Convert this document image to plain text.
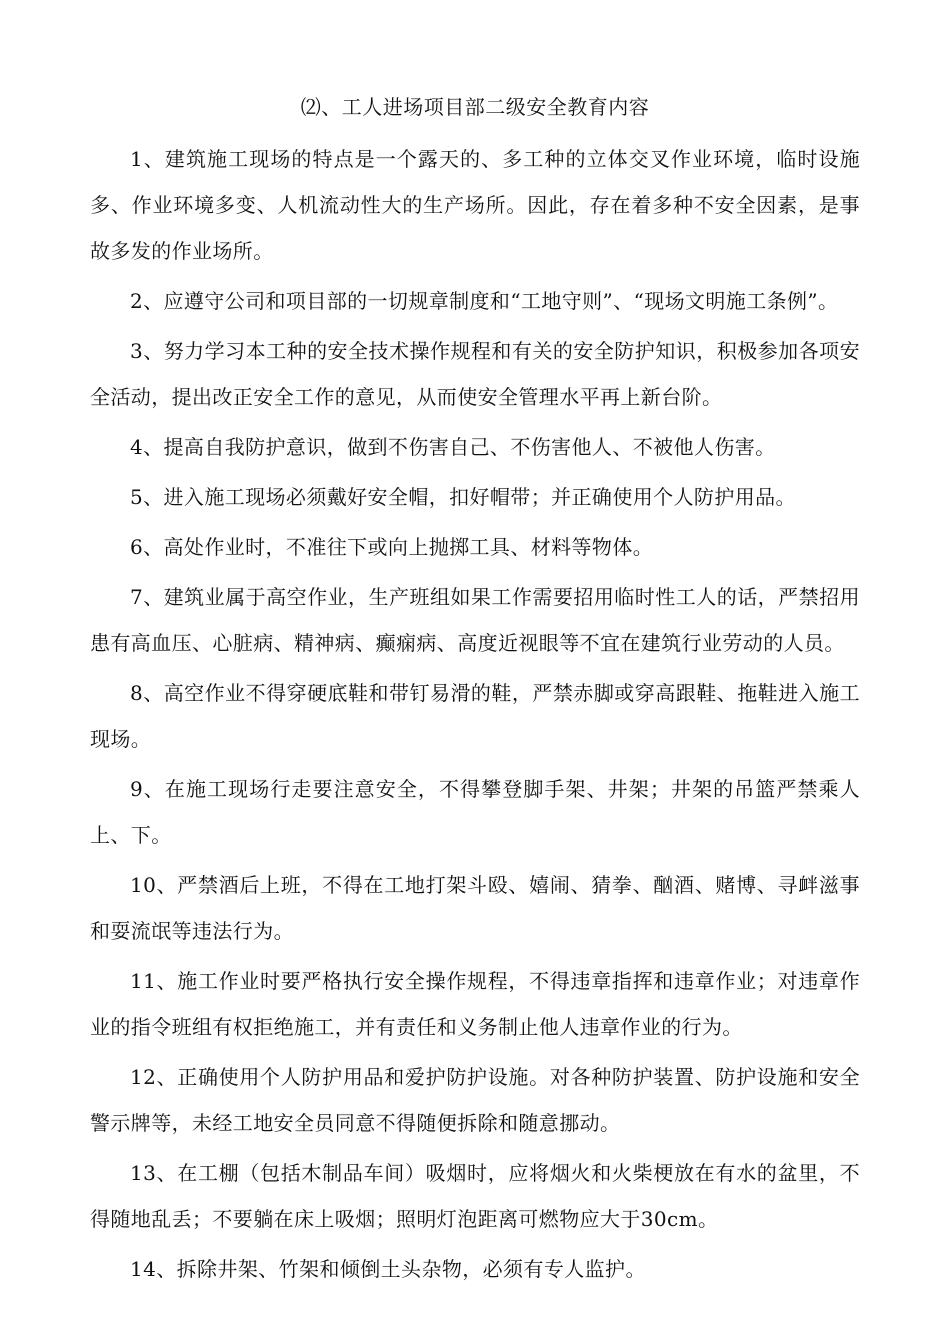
⑵、工人进场项目部二级安全教育内容

1、建筑施工现场的特点是一个露天的、多工种的立体交叉作业环境，临时设施多、作业环境多变、人机流动性大的生产场所。因此，存在着多种不安全因素，是事故多发的作业场所。

2、应遵守公司和项目部的一切规章制度和“工地守则”、“现场文明施工条例”。

3、努力学习本工种的安全技术操作规程和有关的安全防护知识，积极参加各项安全活动，提出改正安全工作的意见，从而使安全管理水平再上新台阶。

4、提高自我防护意识，做到不伤害自己、不伤害他人、不被他人伤害。

5、进入施工现场必须戴好安全帽，扣好帽带；并正确使用个人防护用品。

6、高处作业时，不准往下或向上抛掷工具、材料等物体。

7、建筑业属于高空作业，生产班组如果工作需要招用临时性工人的话，严禁招用患有高血压、心脏病、精神病、癫痫病、高度近视眼等不宜在建筑行业劳动的人员。

8、高空作业不得穿硬底鞋和带钉易滑的鞋，严禁赤脚或穿高跟鞋、拖鞋进入施工现场。

9、在施工现场行走要注意安全，不得攀登脚手架、井架；井架的吊篮严禁乘人上、下。

10、严禁酒后上班，不得在工地打架斗殴、嬉闹、猜拳、酗酒、赌博、寻衅滋事和耍流氓等违法行为。

11、施工作业时要严格执行安全操作规程，不得违章指挥和违章作业；对违章作业的指令班组有权拒绝施工，并有责任和义务制止他人违章作业的行为。

12、正确使用个人防护用品和爱护防护设施。对各种防护装置、防护设施和安全警示牌等，未经工地安全员同意不得随便拆除和随意挪动。

13、在工棚（包括木制品车间）吸烟时，应将烟火和火柴梗放在有水的盆里，不得随地乱丢；不要躺在床上吸烟；照明灯泡距离可燃物应大于30cm。

14、拆除井架、竹架和倾倒土头杂物，必须有专人监护。
